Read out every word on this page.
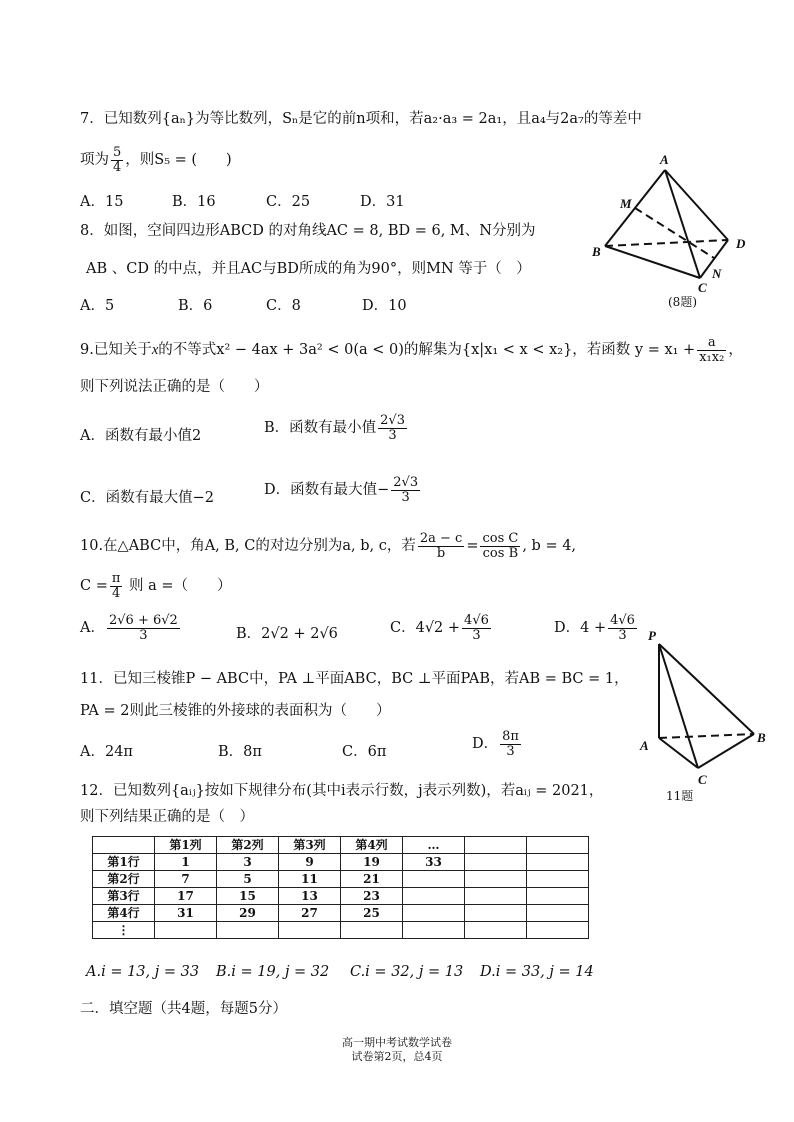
7．已知数列{aₙ}为等比数列，Sₙ是它的前n项和，若a₂·a₃ = 2a₁，且a₄与2a₇的等差中
项为 $\frac{5}{4}$ ，则S₅ = (　　)
A．15	B．16	C．25	D．31
8．如图，空间四边形ABCD 的对角线AC = 8, BD = 6, M、N分别为
AB 、CD 的中点，并且AC与BD所成的角为90°，则MN 等于（　）
A．5	B．6	C．8	D．10
A
B
C
D
M
N
(8题)
9.已知关于x的不等式x² − 4ax + 3a² < 0(a < 0)的解集为{x|x₁ < x < x₂}，若函数 $y = x_1 + \frac{a}{\text{x₁x₂}}$ ，
则下列说法正确的是（　　）
A．函数有最小值2	B．函数有最小值 $\frac{2√3}{3}$
C．函数有最大值−2	D．函数有最大值− $\frac{2√3}{3}$
10.在△ABC中，角A, B, C的对边分别为a, b, c，若 $\frac{2a - c}{b} = \frac{\text{cos C}}{\text{cos B}}$ , b = 4,
$C = \frac{\pi}{4}$ 则 a =（　　）
A． $\frac{2√6 + 6√2}{3}$	B．2√2 + 2√6	C．$4√2 + \frac{4√6}{3}$	D．$4 + \frac{4√6}{3}$
11．已知三棱锥P − ABC中，PA ⊥平面ABC，BC ⊥平面PAB，若AB = BC = 1，
PA = 2则此三棱锥的外接球的表面积为（　　）
A．24π	B．8π	C．6π	D． $\frac{8\pi}{3}$
P
A
B
C
11题
12．已知数列{aᵢⱼ}按如下规律分布(其中i表示行数，j表示列数)，若aᵢⱼ = 2021，
则下列结果正确的是（　）
	第1列	第2列	第3列	第4列	…		
第1行	1	3	9	19	33		
第2行	7	5	11	21			
第3行	17	15	13	23			
第4行	31	29	27	25			
⋮							
A.i = 13, j = 33 B.i = 19, j = 32 C.i = 32, j = 13 D.i = 33, j = 14
二．填空题（共4题，每题5分）
高一期中考试数学试卷
试卷第2页，总4页
